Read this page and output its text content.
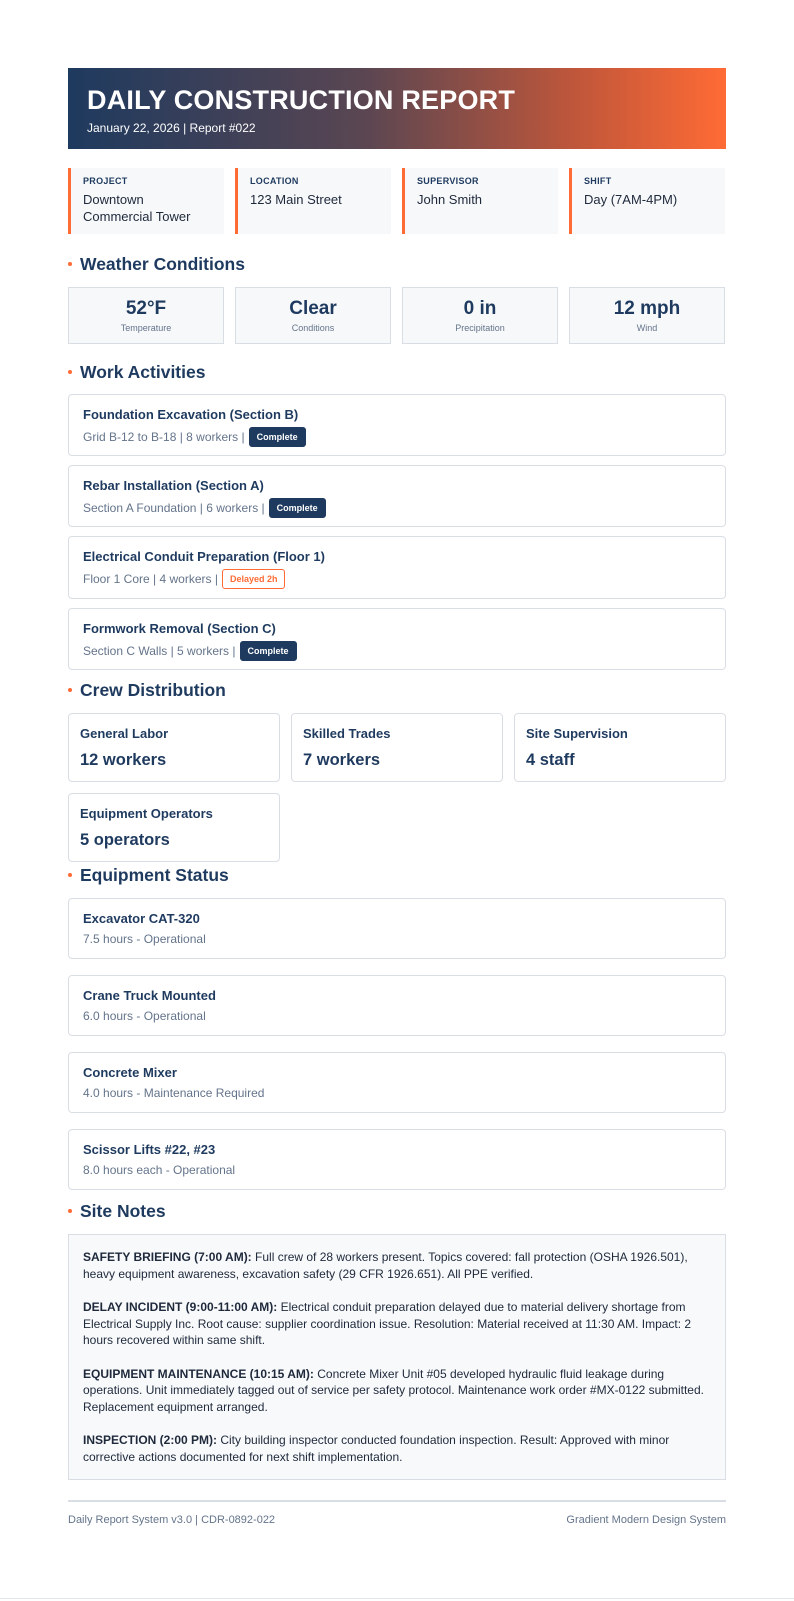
DAILY CONSTRUCTION REPORT
January 22, 2026 | Report #022
PROJECT
Downtown Commercial Tower
LOCATION
123 Main Street
SUPERVISOR
John Smith
SHIFT
Day (7AM-4PM)
Weather Conditions
52°F
Temperature
Clear
Conditions
0 in
Precipitation
12 mph
Wind
Work Activities
Foundation Excavation (Section B)
Grid B-12 to B-18 | 8 workers |	Complete
Rebar Installation (Section A)
Section A Foundation | 6 workers |	Complete
Electrical Conduit Preparation (Floor 1)
Floor 1 Core | 4 workers |	Delayed 2h
Formwork Removal (Section C)
Section C Walls | 5 workers |	Complete
Crew Distribution
General Labor
12 workers
Skilled Trades
7 workers
Site Supervision
4 staff
Equipment Operators
5 operators
Equipment Status
Excavator CAT-320
7.5 hours - Operational
Crane Truck Mounted
6.0 hours - Operational
Concrete Mixer
4.0 hours - Maintenance Required
Scissor Lifts #22, #23
8.0 hours each - Operational
Site Notes

SAFETY BRIEFING (7:00 AM): Full crew of 28 workers present. Topics covered: fall protection (OSHA 1926.501), heavy equipment awareness, excavation safety (29 CFR 1926.651). All PPE verified.

DELAY INCIDENT (9:00-11:00 AM): Electrical conduit preparation delayed due to material delivery shortage from Electrical Supply Inc. Root cause: supplier coordination issue. Resolution: Material received at 11:30 AM. Impact: 2 hours recovered within same shift.

EQUIPMENT MAINTENANCE (10:15 AM): Concrete Mixer Unit #05 developed hydraulic fluid leakage during operations. Unit immediately tagged out of service per safety protocol. Maintenance work order #MX-0122 submitted. Replacement equipment arranged.

INSPECTION (2:00 PM): City building inspector conducted foundation inspection. Result: Approved with minor corrective actions documented for next shift implementation.

Daily Report System v3.0 | CDR-0892-022	Gradient Modern Design System
